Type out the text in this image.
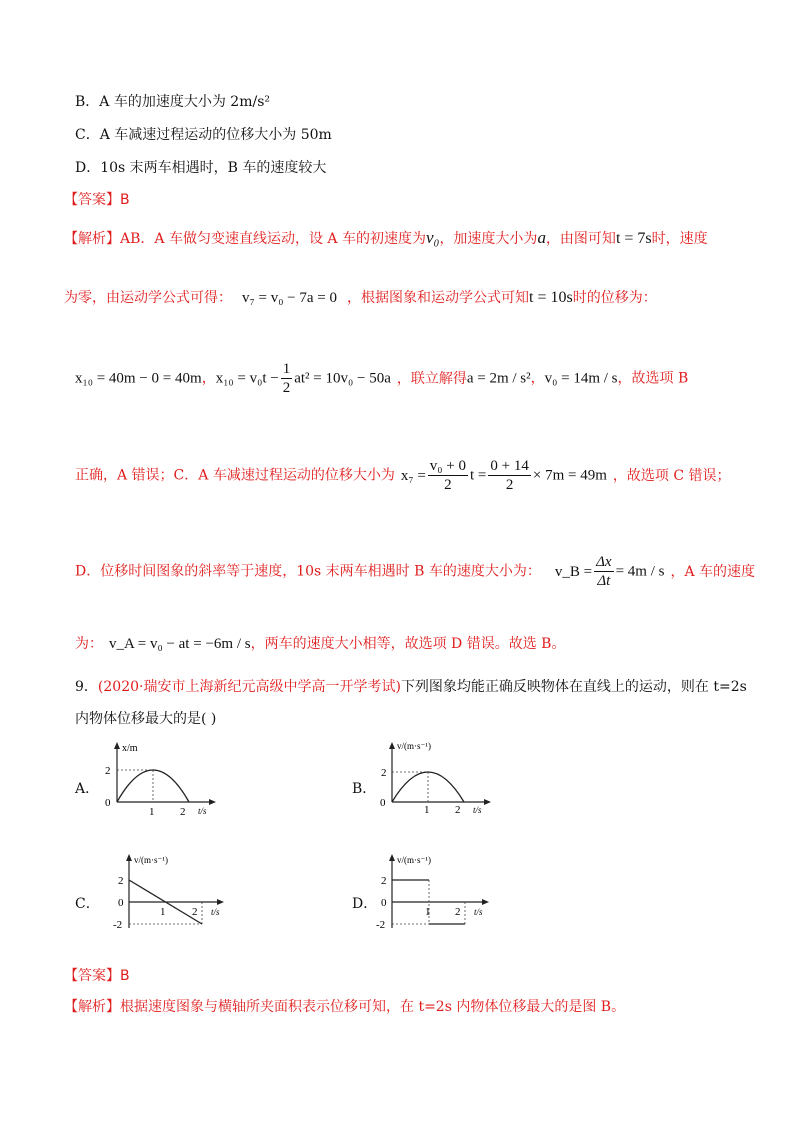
B．A 车的加速度大小为 2m/s²
C．A 车减速过程运动的位移大小为 50m
D．10s 末两车相遇时，B 车的速度较大
【答案】B
【解析】AB．A 车做匀变速直线运动，设 A 车的初速度为v₀，加速度大小为a，由图可知t = 7s时，速度
为零，由运动学公式可得： v₇ = v₀ − 7a = 0 ，根据图象和运动学公式可知t = 10s时的位移为：
x₁₀ = 40m − 0 = 40m，$x_{10} = v_0t - \frac{1}{2} at^2 = 10v_0 - 50a$ ，联立解得a = 2m / s²，v₀ = 14m / s，故选项 B
正确，A 错误；C．A 车减速过程运动的位移大小为 $x_7 = \frac{\text{v₀ + 0}}{2}$ $t = \frac{0 + 14}{2} \times 7m = 49m$ ，故选项 C 错误；
D．位移时间图象的斜率等于速度，10s 末两车相遇时 B 车的速度大小为： v_B = $\frac{\Delta x}{\Delta t} = 4m / s$ ，A 车的速度
为： v_A = v₀ − at = −6m / s，两车的速度大小相等，故选项 D 错误。故选 B。
9．(2020·瑞安市上海新纪元高级中学高一开学考试)下列图象均能正确反映物体在直线上的运动，则在 t=2s
内物体位移最大的是( )
A．
x/m
t/s
2
0
1 2
B．
v/(m·s⁻¹)
t/s
2
0
1 2
C．
v/(m·s⁻¹)
t/s
2
0
1 2
-2
D．
v/(m·s⁻¹)
t/s
2
0
1 2
-2
【答案】B
【解析】根据速度图象与横轴所夹面积表示位移可知，在 t=2s 内物体位移最大的是图 B。
